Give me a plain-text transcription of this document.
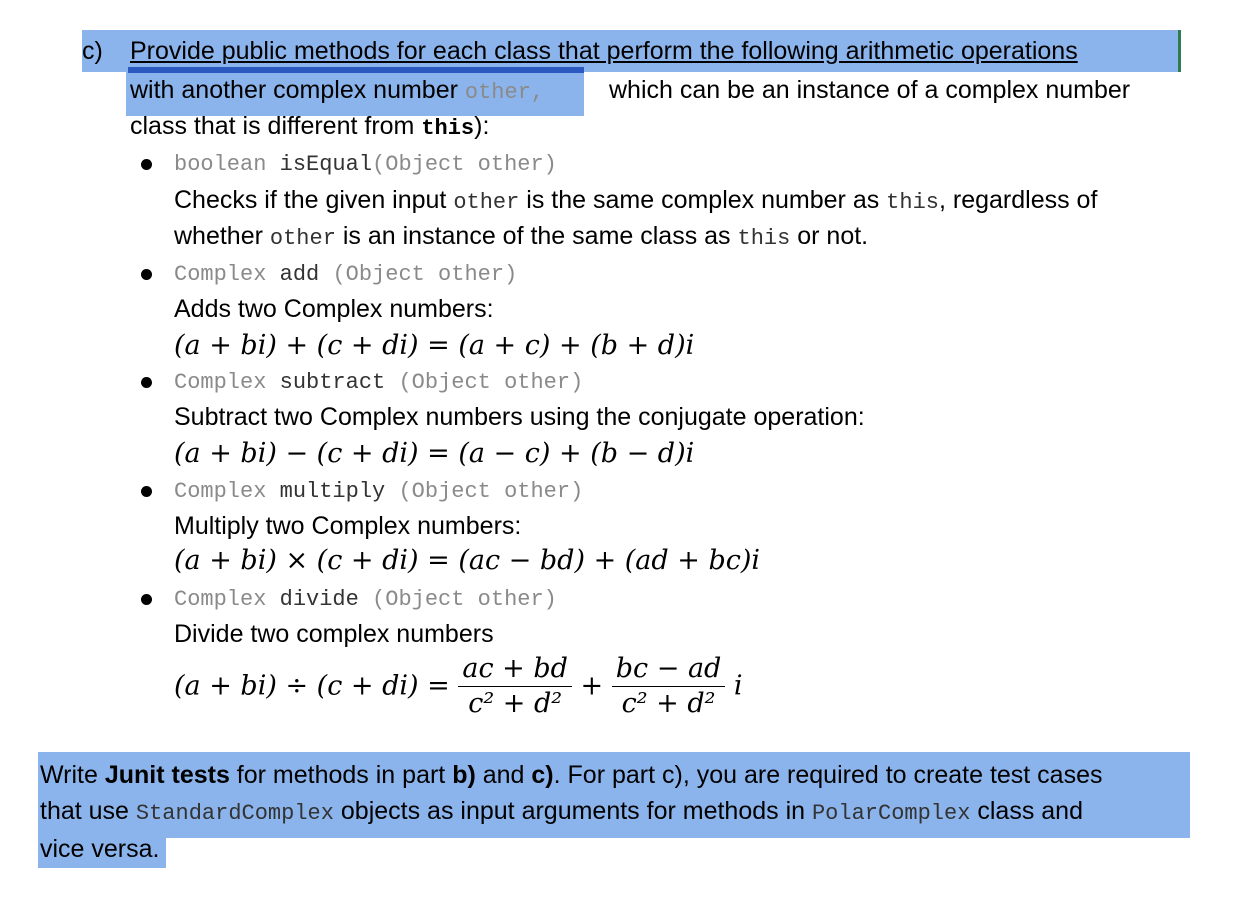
c) Provide public methods for each class that perform the following arithmetic operations
with another complex number other,	which can be an instance of a complex number
class that is different from this):
boolean isEqual(Object other)
Checks if the given input other is the same complex number as this, regardless of
whether other is an instance of the same class as this or not.
Complex add (Object other)
Adds two Complex numbers:
(a + bi) + (c + di) = (a + c) + (b + d)i
Complex subtract (Object other)
Subtract two Complex numbers using the conjugate operation:
(a + bi) − (c + di) = (a − c) + (b − d)i
Complex multiply (Object other)
Multiply two Complex numbers:
(a + bi) × (c + di) = (ac − bd) + (ad + bc)i
Complex divide (Object other)
Divide two complex numbers
$(a + bi) \div (c + di) = \frac{ac + bd}{\text{c² + d²}} + \frac{bc - ad}{\text{c² + d²}}$ i
Write Junit tests for methods in part b) and c). For part c), you are required to create test cases
that use StandardComplex objects as input arguments for methods in PolarComplex class and
vice versa.
